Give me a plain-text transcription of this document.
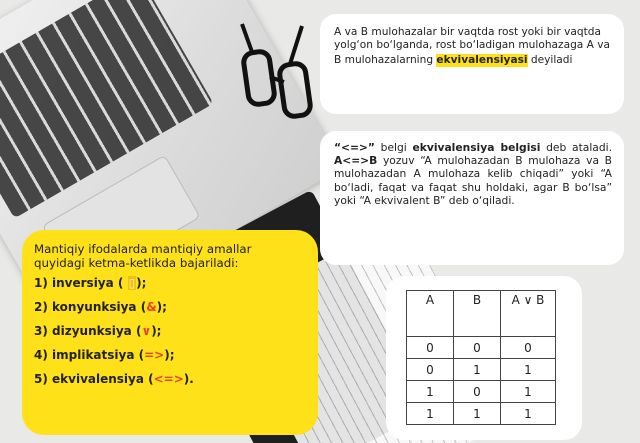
A va B mulohazalar bir vaqtda rost yoki bir vaqtda yolg‘on bo‘lganda, rost bo‘ladigan mulohazaga A va B mulohazalarning ekvivalensiyasi deyiladi
“<=>” belgi ekvivalensiya belgisi deb ataladi. A<=>B yozuv “A mulohazadan B mulohaza va B mulohazadan A mulohaza kelib chiqadi” yoki “A bo‘ladi, faqat va faqat shu holdaki, agar B bo‘lsa” yoki “A ekvivalent B” deb o‘qiladi.
Mantiqiy ifodalarda mantiqiy amallar quyidagi ketma-ketlikda bajariladi:
1) inversiya ( ▯);
2) konyunksiya (&);
3) dizyunksiya (∨);
4) implikatsiya (=>);
5) ekvivalensiya (<=>).
A	B	A ∨ B
0	0	0
0	1	1
1	0	1
1	1	1
